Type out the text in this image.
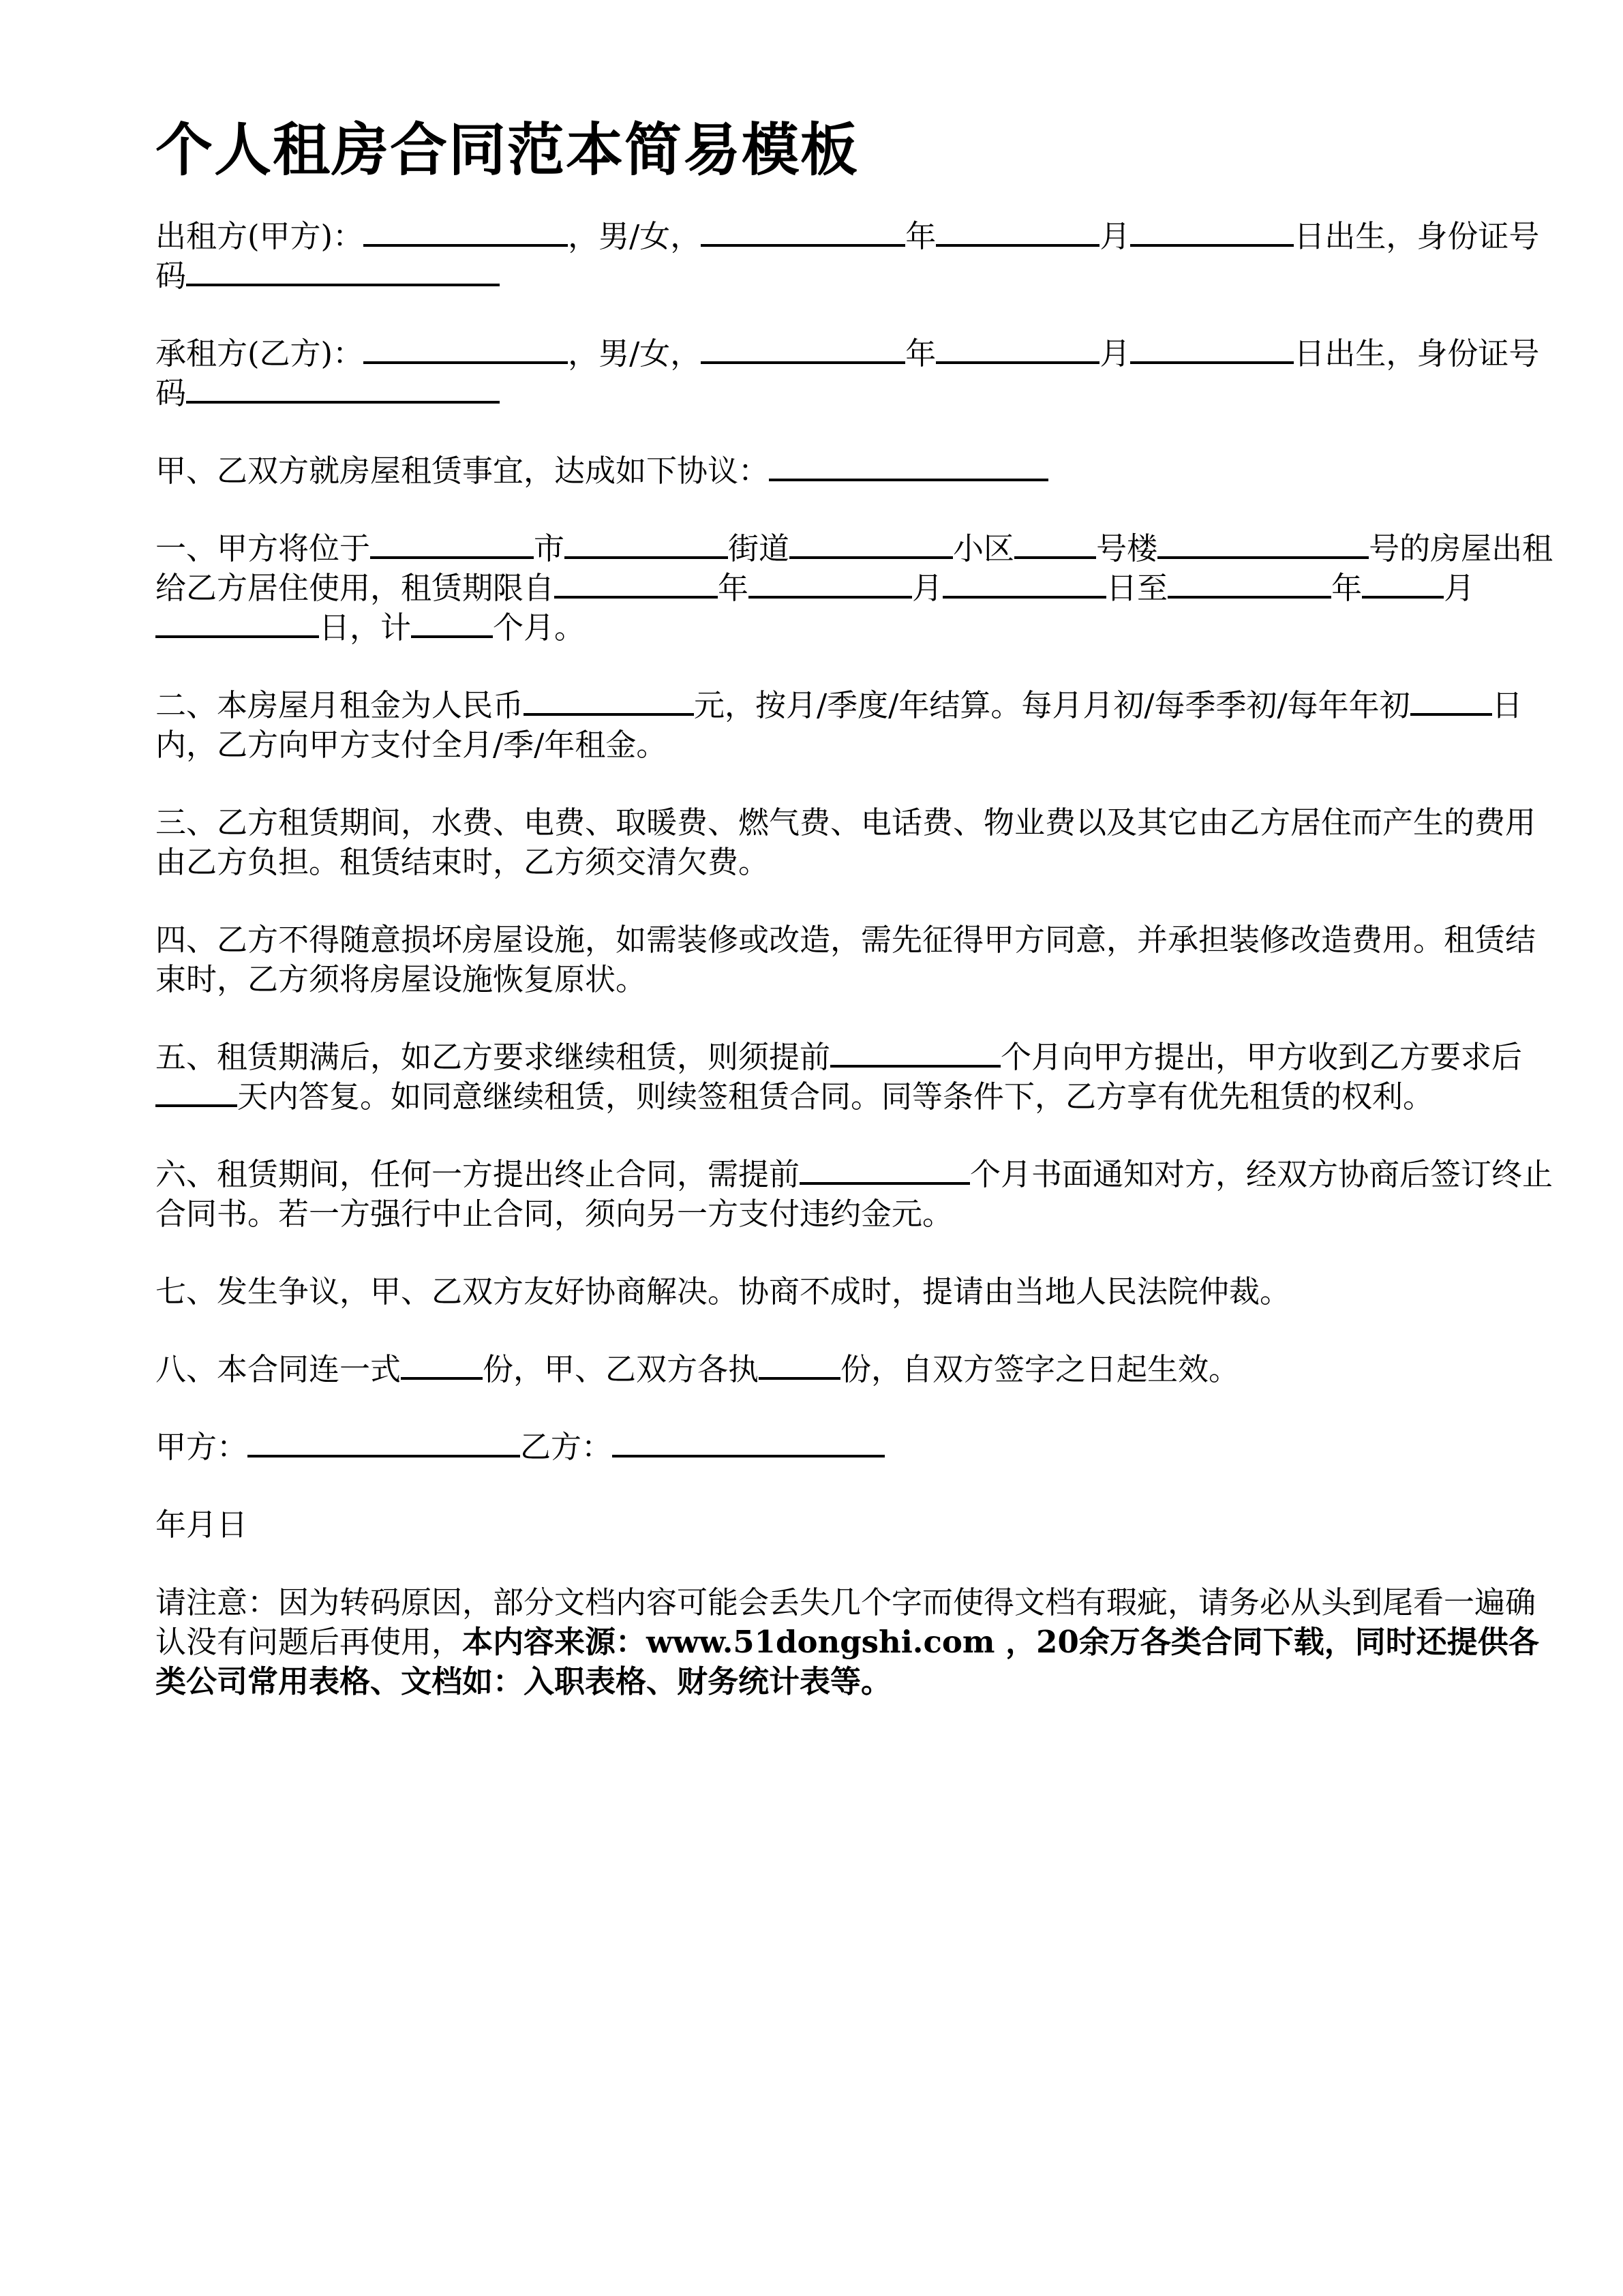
个人租房合同范本简易模板

出租方(甲方)：	，男/女，	年	月	日出生，身份证号码

承租方(乙方)：	，男/女，	年	月	日出生，身份证号码

甲、乙双方就房屋租赁事宜，达成如下协议：

一、甲方将位于	市	街道	小区	号楼	号的房屋出租给乙方居住使用，租赁期限自	年	月	日至	年	月日，计	个月。

二、本房屋月租金为人民币	元，按月/季度/年结算。每月月初/每季季初/每年年初	日内，乙方向甲方支付全月/季/年租金。

三、乙方租赁期间，水费、电费、取暖费、燃气费、电话费、物业费以及其它由乙方居住而产生的费用由乙方负担。租赁结束时，乙方须交清欠费。

四、乙方不得随意损坏房屋设施，如需装修或改造，需先征得甲方同意，并承担装修改造费用。租赁结束时，乙方须将房屋设施恢复原状。

五、租赁期满后，如乙方要求继续租赁，则须提前	个月向甲方提出，甲方收到乙方要求后天内答复。如同意继续租赁，则续签租赁合同。同等条件下，乙方享有优先租赁的权利。

六、租赁期间，任何一方提出终止合同，需提前	个月书面通知对方，经双方协商后签订终止合同书。若一方强行中止合同，须向另一方支付违约金元。

七、发生争议，甲、乙双方友好协商解决。协商不成时，提请由当地人民法院仲裁。

八、本合同连一式	份，甲、乙双方各执	份，自双方签字之日起生效。

甲方：	乙方：

年月日

请注意：因为转码原因，部分文档内容可能会丢失几个字而使得文档有瑕疵，请务必从头到尾看一遍确认没有问题后再使用，本内容来源：www.51dongshi.com ，20余万各类合同下载，同时还提供各类公司常用表格、文档如：入职表格、财务统计表等。
